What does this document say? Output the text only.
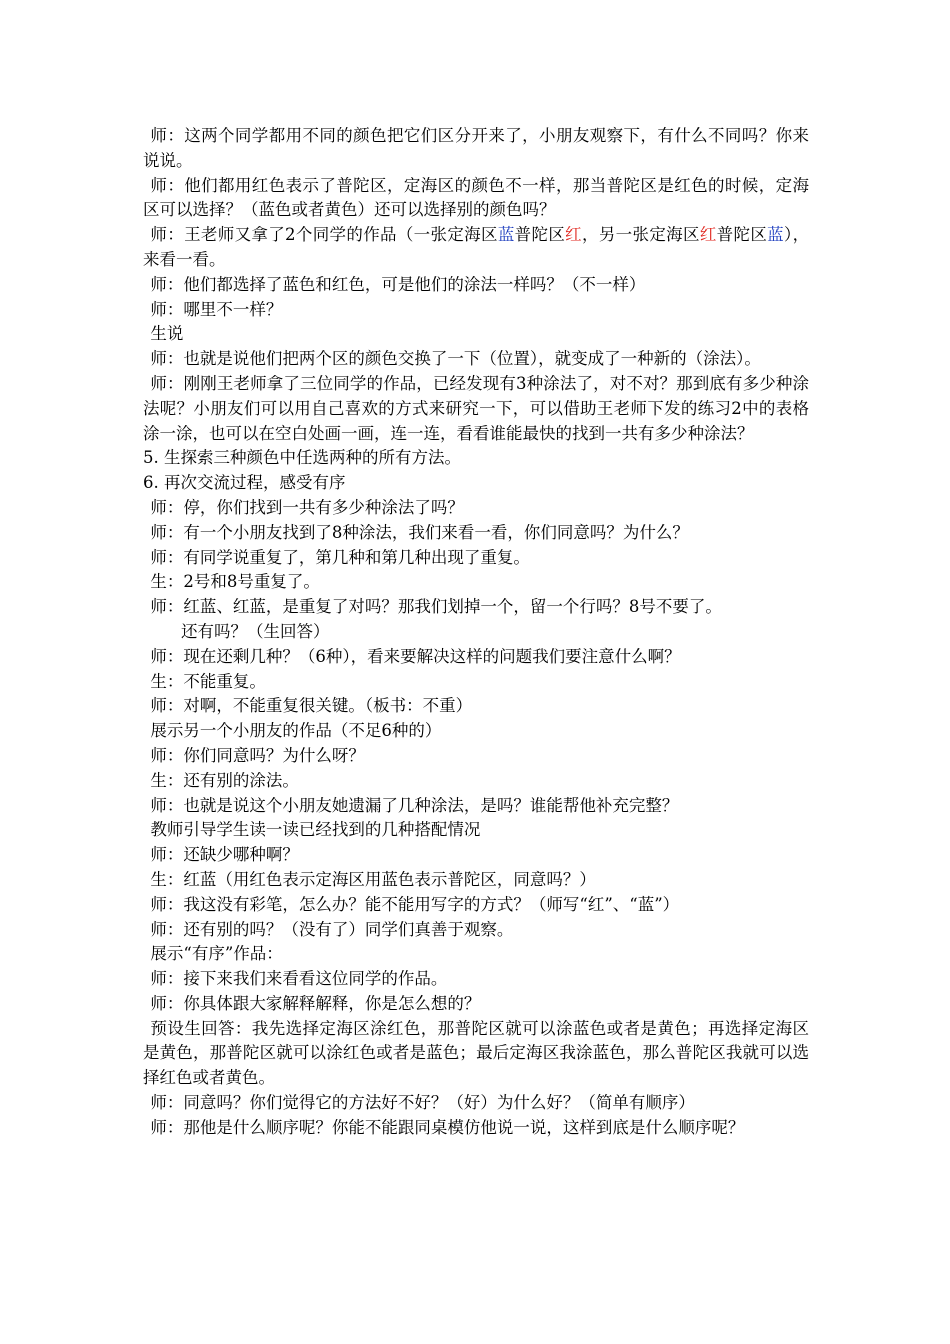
师：这两个同学都用不同的颜色把它们区分开来了，小朋友观察下，有什么不同吗？你来说说。

师：他们都用红色表示了普陀区，定海区的颜色不一样，那当普陀区是红色的时候，定海区可以选择？（蓝色或者黄色）还可以选择别的颜色吗？

师：王老师又拿了2个同学的作品（一张定海区蓝普陀区红，另一张定海区红普陀区蓝），来看一看。

师：他们都选择了蓝色和红色，可是他们的涂法一样吗？（不一样）

师：哪里不一样？

生说

师：也就是说他们把两个区的颜色交换了一下（位置），就变成了一种新的（涂法）。

师：刚刚王老师拿了三位同学的作品，已经发现有3种涂法了，对不对？那到底有多少种涂法呢？小朋友们可以用自己喜欢的方式来研究一下，可以借助王老师下发的练习2中的表格涂一涂，也可以在空白处画一画，连一连，看看谁能最快的找到一共有多少种涂法？

5. 生探索三种颜色中任选两种的所有方法。

6. 再次交流过程，感受有序

师：停，你们找到一共有多少种涂法了吗？

师：有一个小朋友找到了8种涂法，我们来看一看，你们同意吗？为什么？

师：有同学说重复了，第几种和第几种出现了重复。

生：2号和8号重复了。

师：红蓝、红蓝，是重复了对吗？那我们划掉一个，留一个行吗？8号不要了。

还有吗？（生回答）

师：现在还剩几种？（6种），看来要解决这样的问题我们要注意什么啊？

生：不能重复。

师：对啊，不能重复很关键。（板书：不重）

展示另一个小朋友的作品（不足6种的）

师：你们同意吗？为什么呀？

生：还有别的涂法。

师：也就是说这个小朋友她遗漏了几种涂法，是吗？谁能帮他补充完整？

教师引导学生读一读已经找到的几种搭配情况

师：还缺少哪种啊？

生：红蓝（用红色表示定海区用蓝色表示普陀区，同意吗？）

师：我这没有彩笔，怎么办？能不能用写字的方式？（师写“红”、“蓝”）

师：还有别的吗？（没有了）同学们真善于观察。

展示“有序”作品：

师：接下来我们来看看这位同学的作品。

师：你具体跟大家解释解释，你是怎么想的？

预设生回答：我先选择定海区涂红色，那普陀区就可以涂蓝色或者是黄色；再选择定海区是黄色，那普陀区就可以涂红色或者是蓝色；最后定海区我涂蓝色，那么普陀区我就可以选择红色或者黄色。

师：同意吗？你们觉得它的方法好不好？（好）为什么好？（简单有顺序）

师：那他是什么顺序呢？你能不能跟同桌模仿他说一说，这样到底是什么顺序呢？
